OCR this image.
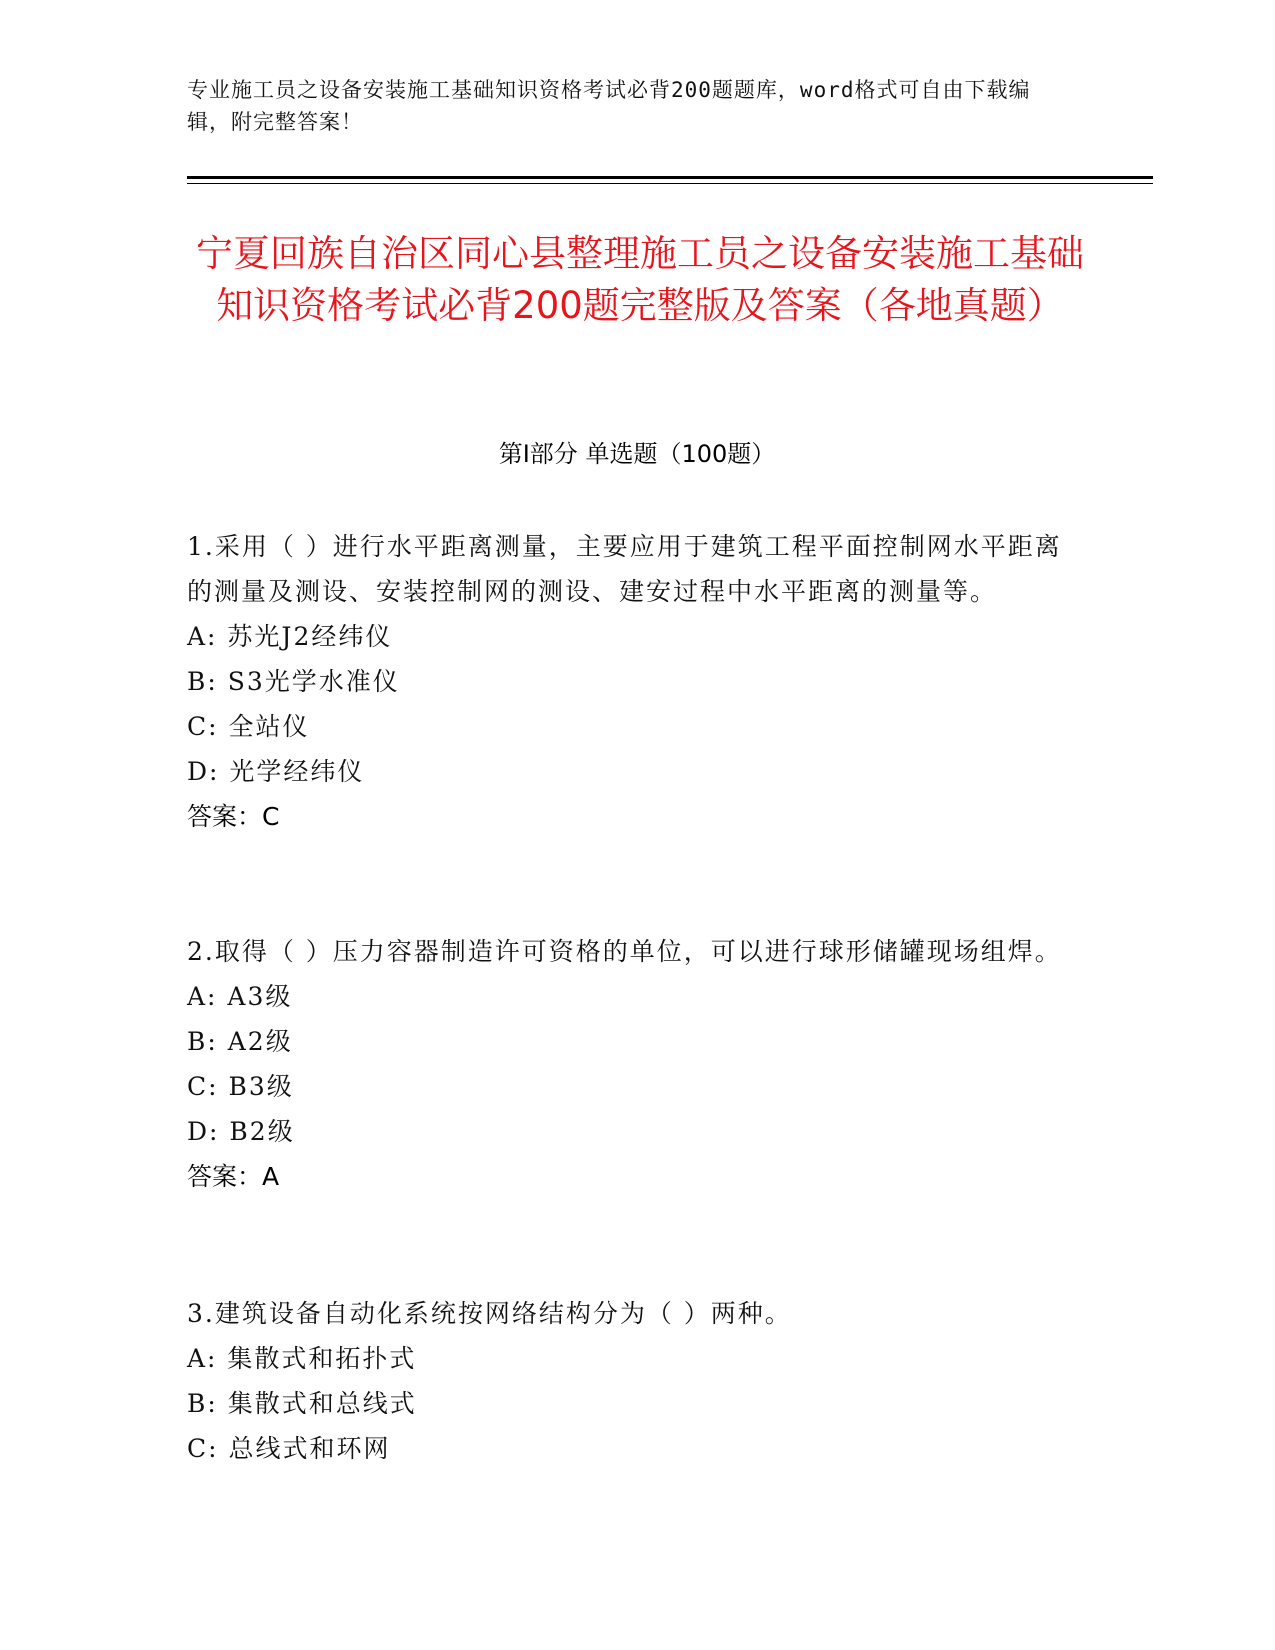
专业施工员之设备安装施工基础知识资格考试必背200题题库，word格式可自由下载编辑，附完整答案！
宁夏回族自治区同心县整理施工员之设备安装施工基础知识资格考试必背200题完整版及答案（各地真题）
第I部分 单选题（100题）
1.采用（ ）进行水平距离测量，主要应用于建筑工程平面控制网水平距离的测量及测设、安装控制网的测设、建安过程中水平距离的测量等。
A: 苏光J2经纬仪
B: S3光学水准仪
C: 全站仪
D: 光学经纬仪
答案：C
2.取得（ ）压力容器制造许可资格的单位，可以进行球形储罐现场组焊。
A: A3级
B: A2级
C: B3级
D: B2级
答案：A
3.建筑设备自动化系统按网络结构分为（ ）两种。
A: 集散式和拓扑式
B: 集散式和总线式
C: 总线式和环网
